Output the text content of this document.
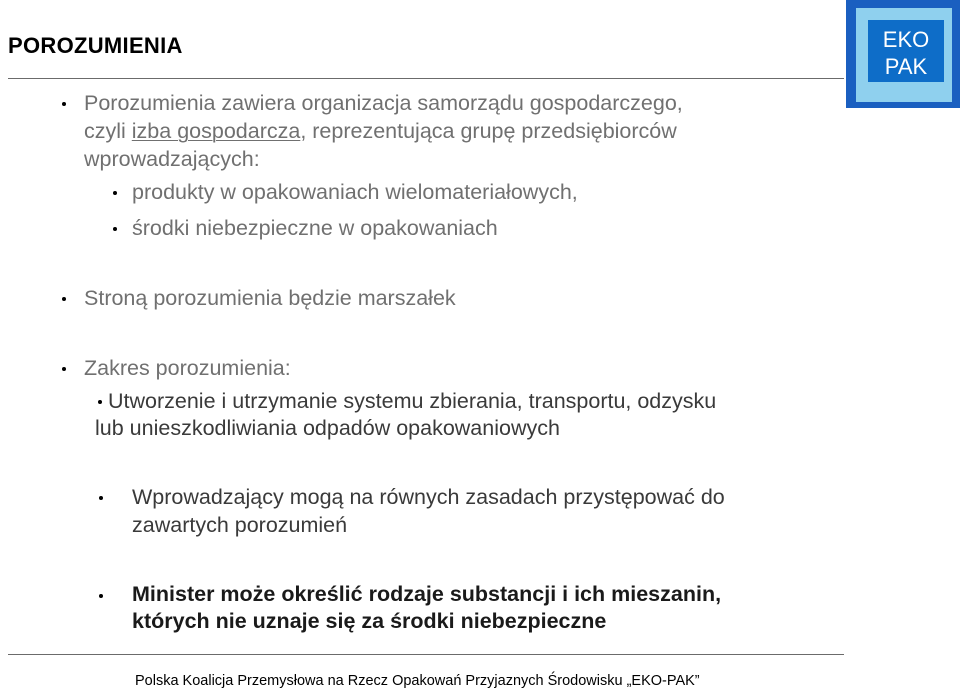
POROZUMIENIA	EKO
PAK
Porozumienia zawiera organizacja samorządu gospodarczego,
czyli izba gospodarcza, reprezentująca grupę przedsiębiorców
wprowadzających:
produkty w opakowaniach wielomateriałowych,
środki niebezpieczne w opakowaniach
Stroną porozumienia będzie marszałek
Zakres porozumienia:
Utworzenie i utrzymanie systemu zbierania, transportu, odzysku
lub unieszkodliwiania odpadów opakowaniowych
Wprowadzający mogą na równych zasadach przystępować do
zawartych porozumień
Minister może określić rodzaje substancji i ich mieszanin,
których nie uznaje się za środki niebezpieczne
Polska Koalicja Przemysłowa na Rzecz Opakowań Przyjaznych Środowisku „EKO-PAK”
